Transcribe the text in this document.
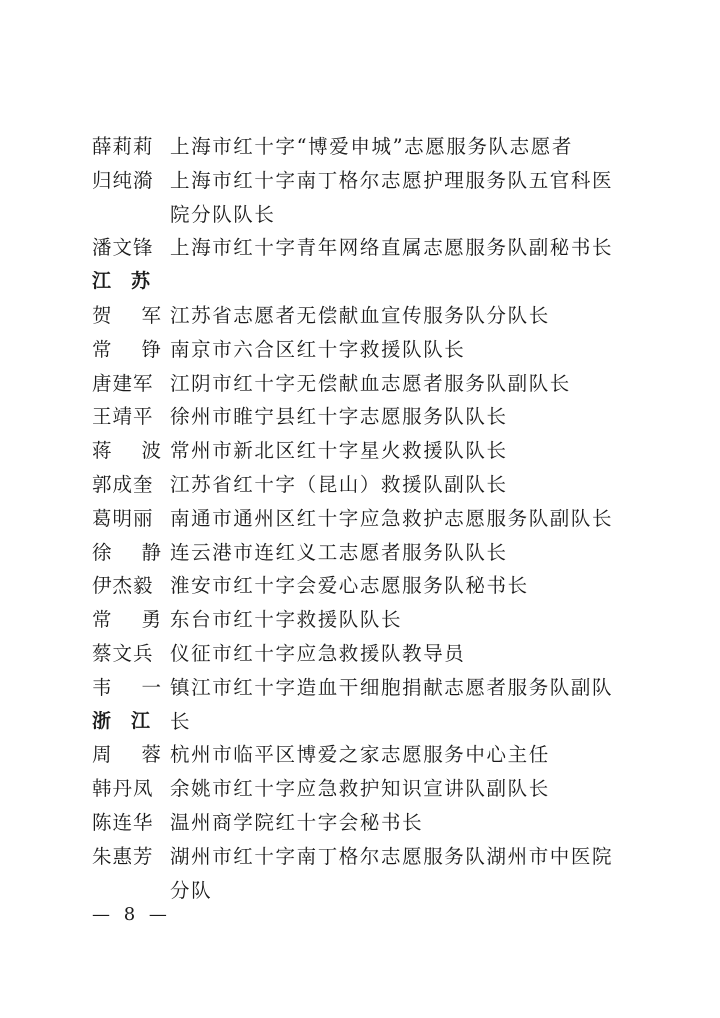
薛莉莉 上海市红十字“博爱申城”志愿服务队志愿者
归纯漪 上海市红十字南丁格尔志愿护理服务队五官科医院分队队长
潘文锋 上海市红十字青年网络直属志愿服务队副秘书长
江苏
贺军
江苏省志愿者无偿献血宣传服务队分队长
常铮
南京市六合区红十字救援队队长
唐建军 江阴市红十字无偿献血志愿者服务队副队长
王靖平 徐州市睢宁县红十字志愿服务队队长
蒋波
常州市新北区红十字星火救援队队长
郭成奎 江苏省红十字（昆山）救援队副队长
葛明丽 南通市通州区红十字应急救护志愿服务队副队长
徐静
连云港市连红义工志愿者服务队队长
伊杰毅 淮安市红十字会爱心志愿服务队秘书长
常勇
东台市红十字救援队队长
蔡文兵 仪征市红十字应急救援队教导员
韦一
镇江市红十字造血干细胞捐献志愿者服务队副队长
浙江
周蓉
杭州市临平区博爱之家志愿服务中心主任
韩丹凤 余姚市红十字应急救护知识宣讲队副队长
陈连华 温州商学院红十字会秘书长
朱惠芳 湖州市红十字南丁格尔志愿服务队湖州市中医院分队
— 8 —
